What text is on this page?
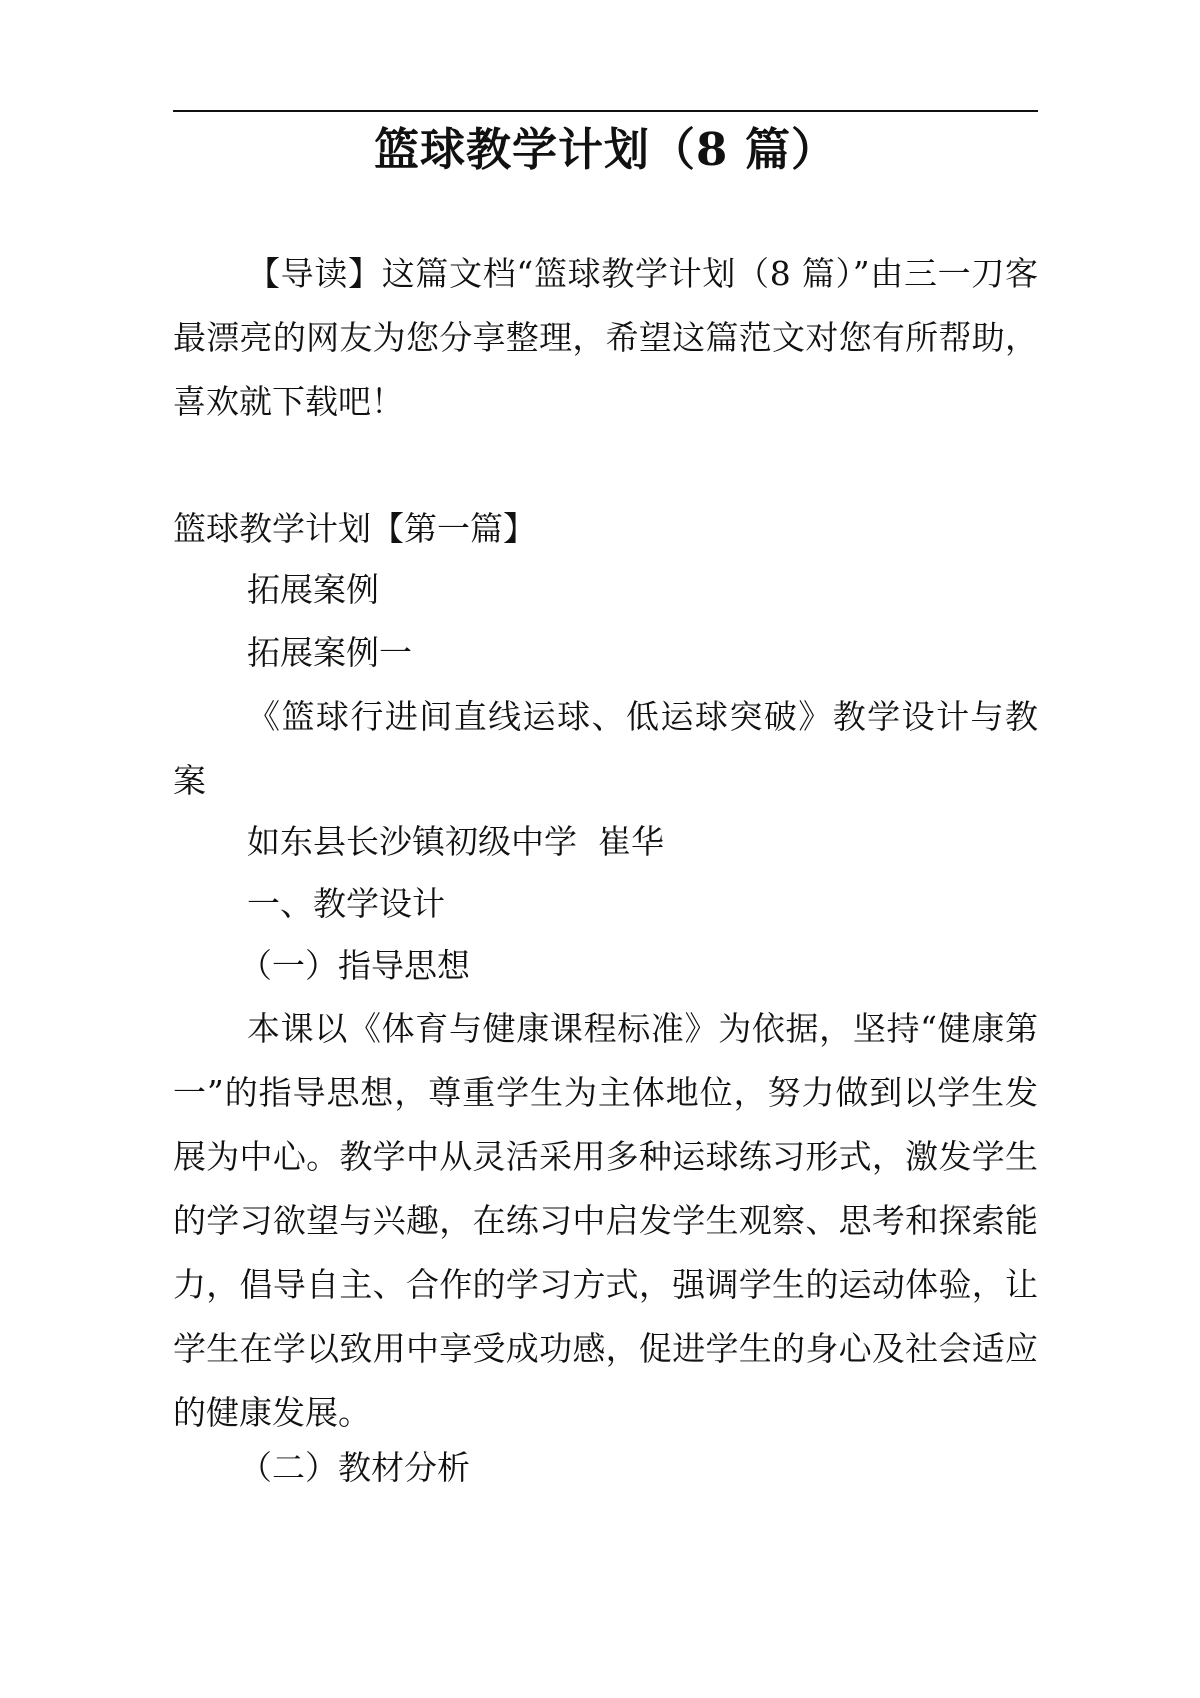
篮球教学计划（8 篇）

【导读】这篇文档“篮球教学计划（8 篇）”由三一刀客最漂亮的网友为您分享整理，希望这篇范文对您有所帮助，喜欢就下载吧！

篮球教学计划【第一篇】

拓展案例

拓展案例一

《篮球行进间直线运球、低运球突破》教学设计与教案

如东县长沙镇初级中学  崔华

一、教学设计

（一）指导思想

本课以《体育与健康课程标准》为依据，坚持“健康第一”的指导思想，尊重学生为主体地位，努力做到以学生发展为中心。教学中从灵活采用多种运球练习形式，激发学生的学习欲望与兴趣，在练习中启发学生观察、思考和探索能力，倡导自主、合作的学习方式，强调学生的运动体验，让学生在学以致用中享受成功感，促进学生的身心及社会适应的健康发展。

（二）教材分析
